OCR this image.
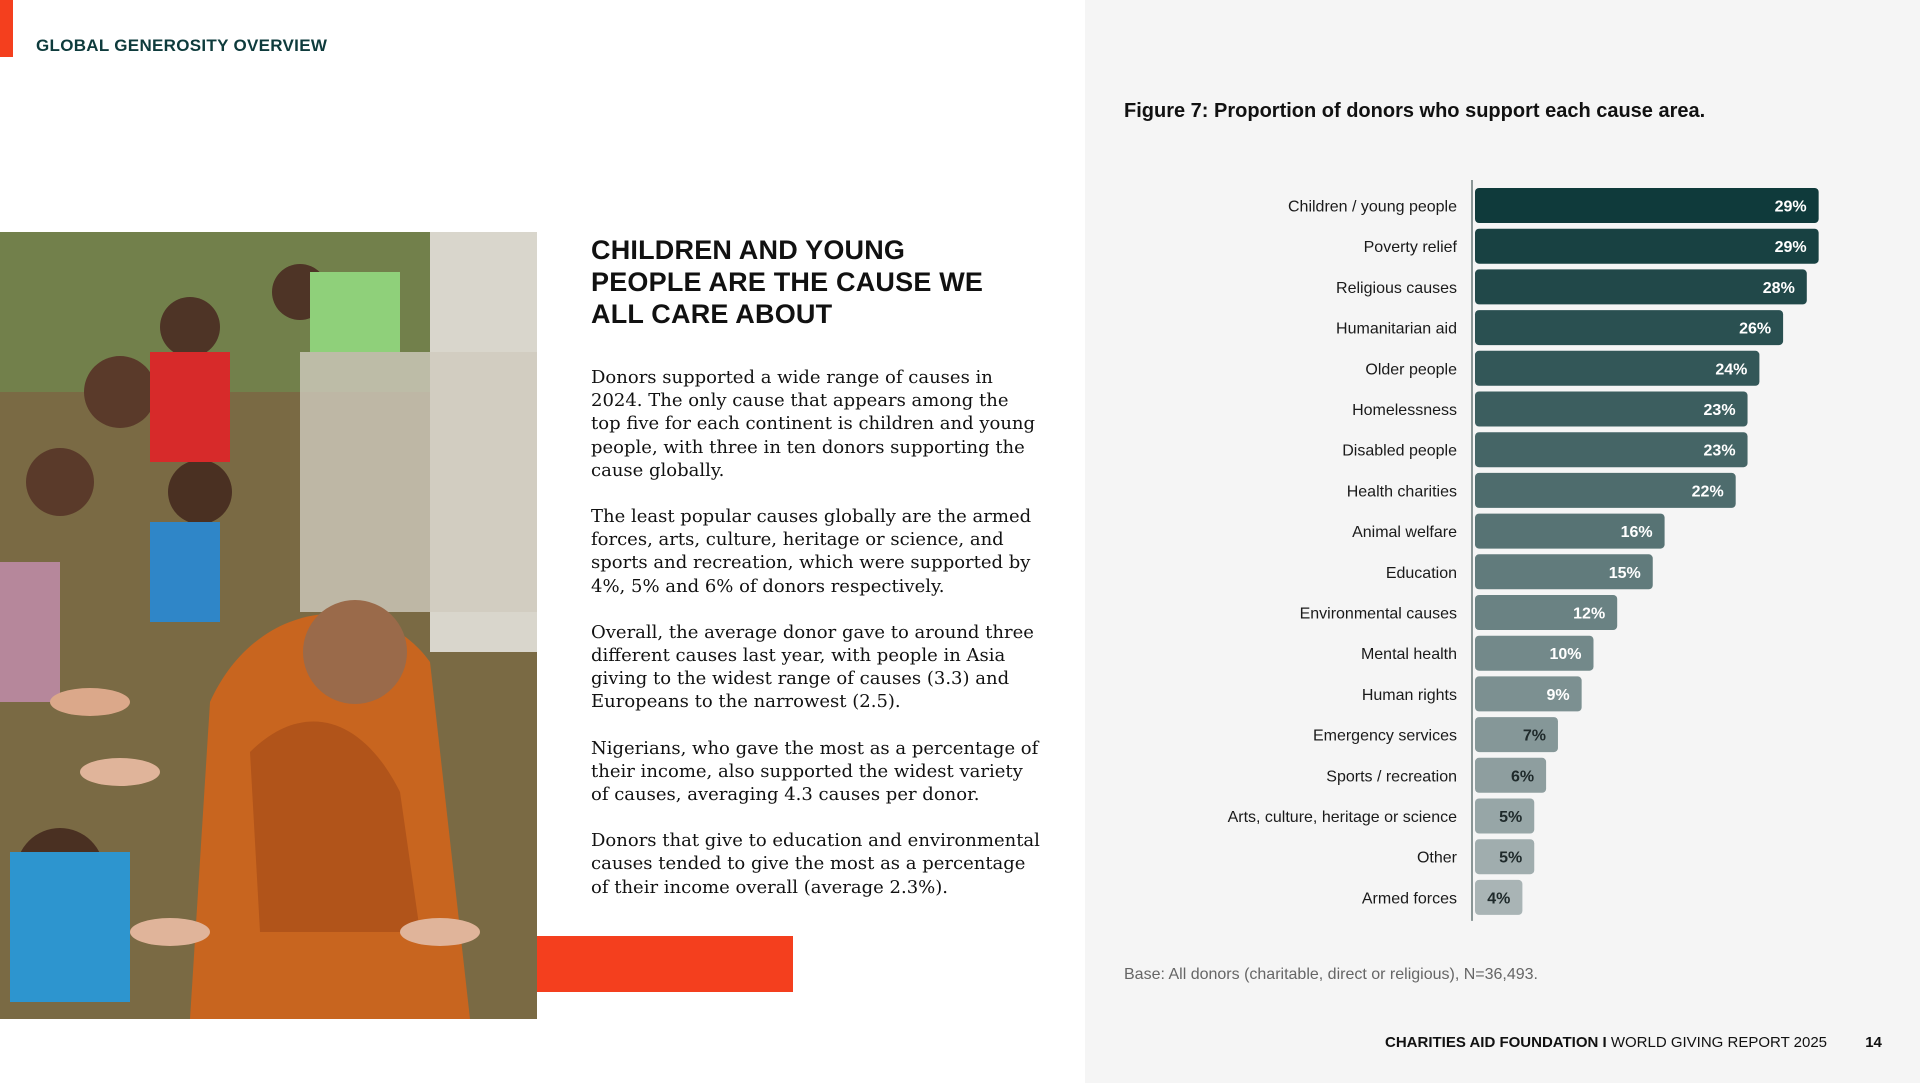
GLOBAL GENEROSITY OVERVIEW
CHILDREN AND YOUNG PEOPLE ARE THE CAUSE WE ALL CARE ABOUT

Donors supported a wide range of causes in 2024. The only cause that appears among the top five for each continent is children and young people, with three in ten donors supporting the cause globally.

The least popular causes globally are the armed forces, arts, culture, heritage or science, and sports and recreation, which were supported by 4%, 5% and 6% of donors respectively.

Overall, the average donor gave to around three different causes last year, with people in Asia giving to the widest range of causes (3.3) and Europeans to the narrowest (2.5).

Nigerians, who gave the most as a percentage of their income, also supported the widest variety of causes, averaging 4.3 causes per donor.

Donors that give to education and environmental causes tended to give the most as a percentage of their income overall (average 2.3%).

Figure 7: Proportion of donors who support each cause area.
Children / young people	29%
Poverty relief	29%
Religious causes	28%
Humanitarian aid	26%
Older people	24%
Homelessness	23%
Disabled people	23%
Health charities	22%
Animal welfare	16%
Education	15%
Environmental causes	12%
Mental health	10%
Human rights	9%
Emergency services	7%
Sports / recreation	6%
Arts, culture, heritage or science	5%
Other	5%
Armed forces 4%
Base: All donors (charitable, direct or religious), N=36,493.
CHARITIES AID FOUNDATION I WORLD GIVING REPORT 2025	14
